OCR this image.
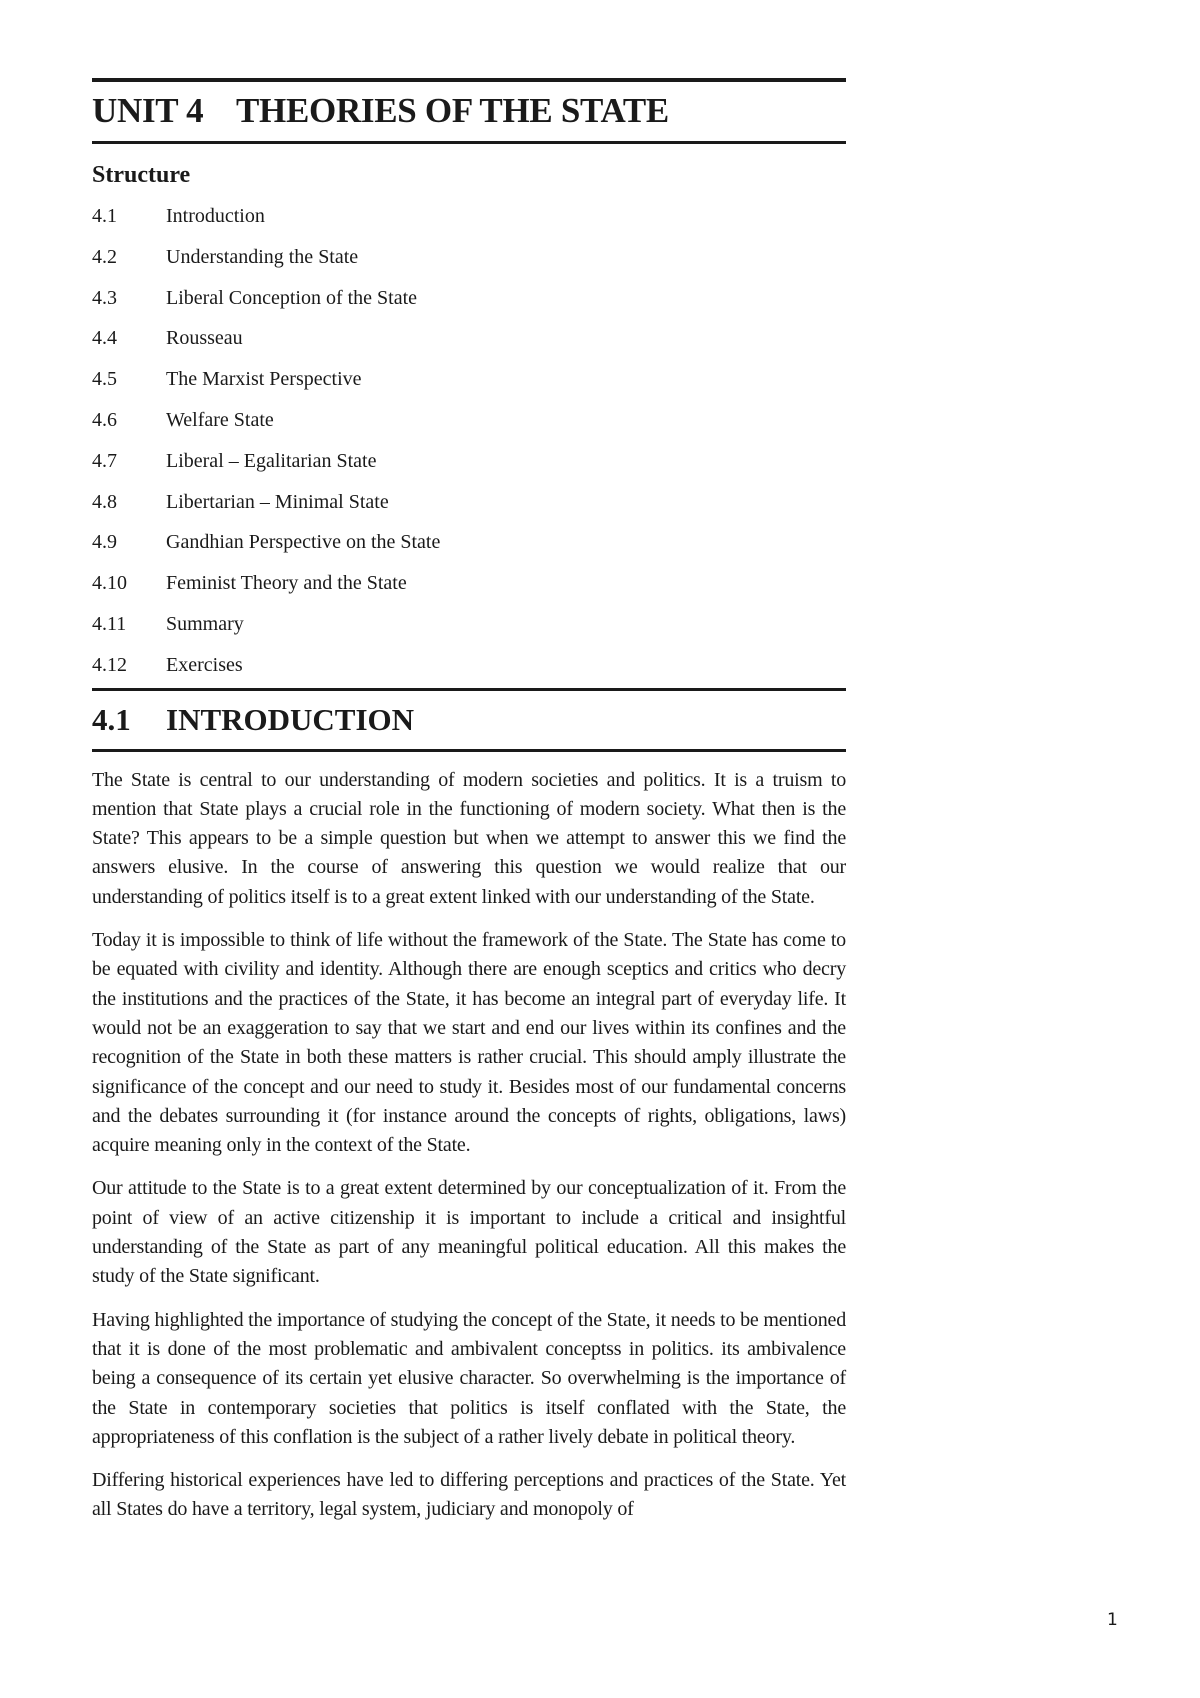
UNIT 4 THEORIES OF THE STATE
Structure
4.1	Introduction
4.2	Understanding the State
4.3	Liberal Conception of the State
4.4	Rousseau
4.5	The Marxist Perspective
4.6	Welfare State
4.7	Liberal – Egalitarian State
4.8	Libertarian – Minimal State
4.9	Gandhian Perspective on the State
4.10	Feminist Theory and the State
4.11	Summary
4.12	Exercises
4.1 INTRODUCTION

The State is central to our understanding of modern societies and politics. It is a truism to mention that State plays a crucial role in the functioning of modern society. What then is the State? This appears to be a simple question but when we attempt to answer this we find the answers elusive. In the course of answering this question we would realize that our understanding of politics itself is to a great extent linked with our understanding of the State.

Today it is impossible to think of life without the framework of the State. The State has come to be equated with civility and identity. Although there are enough sceptics and critics who decry the institutions and the practices of the State, it has become an integral part of everyday life. It would not be an exaggeration to say that we start and end our lives within its confines and the recognition of the State in both these matters is rather crucial. This should amply illustrate the significance of the concept and our need to study it. Besides most of our fundamental concerns and the debates surrounding it (for instance around the concepts of rights, obligations, laws) acquire meaning only in the context of the State.

Our attitude to the State is to a great extent determined by our conceptualization of it. From the point of view of an active citizenship it is important to include a critical and insightful understanding of the State as part of any meaningful political education. All this makes the study of the State significant.

Having highlighted the importance of studying the concept of the State, it needs to be mentioned that it is done of the most problematic and ambivalent conceptss in politics. its ambivalence being a consequence of its certain yet elusive character. So overwhelming is the importance of the State in contemporary societies that politics is itself conflated with the State, the appropriateness of this conflation is the subject of a rather lively debate in political theory.

Differing historical experiences have led to differing perceptions and practices of the State. Yet all States do have a territory, legal system, judiciary and monopoly of

1
